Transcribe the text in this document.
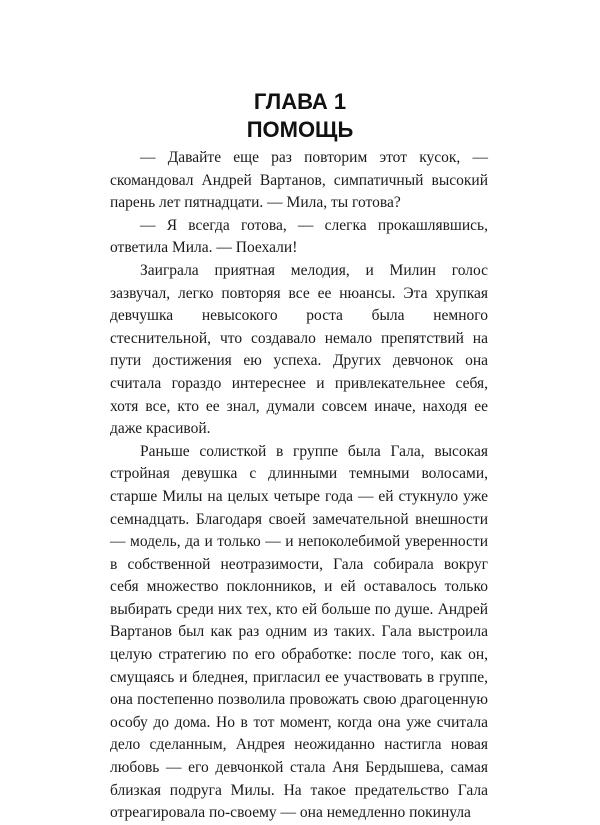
ГЛАВА 1
ПОМОЩЬ

— Давайте еще раз повторим этот кусок, — скомандовал Андрей Вартанов, симпатичный высокий парень лет пятнадцати. — Мила, ты готова?

— Я всегда готова, — слегка прокашлявшись, ответила Мила. — Поехали!

Заиграла приятная мелодия, и Милин голос зазвучал, легко повторяя все ее нюансы. Эта хрупкая девчушка невысокого роста была немного стеснительной, что создавало немало препятствий на пути достижения ею успеха. Других девчонок она считала гораздо интереснее и привлекательнее себя, хотя все, кто ее знал, думали совсем иначе, находя ее даже красивой.

Раньше солисткой в группе была Гала, высокая стройная девушка с длинными темными волосами, старше Милы на целых четыре года — ей стукнуло уже семнадцать. Благодаря своей замечательной внешности — модель, да и только — и непоколебимой уверенности в собственной неотразимости, Гала собирала вокруг себя множество поклонников, и ей оставалось только выбирать среди них тех, кто ей больше по душе. Андрей Вартанов был как раз одним из таких. Гала выстроила целую стратегию по его обработке: после того, как он, смущаясь и бледнея, пригласил ее участвовать в группе, она постепенно позволила провожать свою драгоценную особу до дома. Но в тот момент, когда она уже считала дело сделанным, Андрея неожиданно настигла новая любовь — его девчонкой стала Аня Бердышева, самая близкая подруга Милы. На такое предательство Гала отреагировала по-своему — она немедленно покинула
